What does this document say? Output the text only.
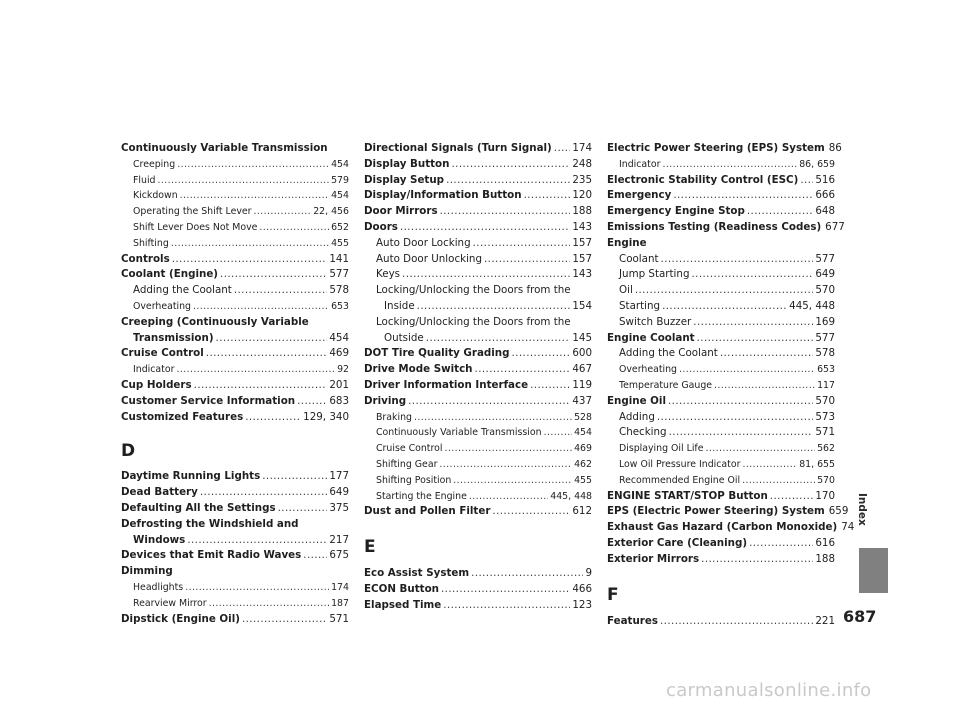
Continuously Variable Transmission
Creeping .....	454
Fluid .....	579
Kickdown .....	454
Operating the Shift Lever .....	22, 456
Shift Lever Does Not Move .....	652
Shifting .....	455
Controls .....	141
Coolant (Engine) .....	577
Adding the Coolant .....	578
Overheating .....	653
Creeping (Continuously Variable
Transmission) .....	454
Cruise Control .....	469
Indicator .....	92
Cup Holders .....	201
Customer Service Information .....	683
Customized Features .....	129, 340
D
Daytime Running Lights .....	177
Dead Battery .....	649
Defaulting All the Settings .....	375
Defrosting the Windshield and
Windows .....	217
Devices that Emit Radio Waves .....	675
Dimming
Headlights .....	174
Rearview Mirror .....	187
Dipstick (Engine Oil) .....	571
Directional Signals (Turn Signal) ..... 174
Display Button .....	248
Display Setup .....	235
Display/Information Button .....	120
Door Mirrors .....	188
Doors .....	143
Auto Door Locking .....	157
Auto Door Unlocking .....	157
Keys .....	143
Locking/Unlocking the Doors from the
Inside .....	154
Locking/Unlocking the Doors from the
Outside .....	145
DOT Tire Quality Grading .....	600
Drive Mode Switch .....	467
Driver Information Interface .....	119
Driving .....	437
Braking .....	528
Continuously Variable Transmission .....	454
Cruise Control .....	469
Shifting Gear .....	462
Shifting Position .....	455
Starting the Engine .....	445, 448
Dust and Pollen Filter .....	612
E
Eco Assist System .....	9
ECON Button .....	466
Elapsed Time .....	123
Electric Power Steering (EPS) System 86
Indicator .....	86, 659
Electronic Stability Control (ESC) ..... 516
Emergency .....	666
Emergency Engine Stop .....	648
Emissions Testing (Readiness Codes) 677
Engine
Coolant .....	577
Jump Starting .....	649
Oil .....	570
Starting .....	445, 448
Switch Buzzer .....	169
Engine Coolant .....	577
Adding the Coolant .....	578
Overheating .....	653
Temperature Gauge .....	117
Engine Oil .....	570
Adding .....	573
Checking .....	571
Displaying Oil Life .....	562
Low Oil Pressure Indicator .....	81, 655
Recommended Engine Oil .....	570
ENGINE START/STOP Button .....	170
EPS (Electric Power Steering) System 659
Exhaust Gas Hazard (Carbon Monoxide) 74
Exterior Care (Cleaning) .....	616
Exterior Mirrors .....	188
F
Features .....	221
Index
687
carmanualsonline.info
